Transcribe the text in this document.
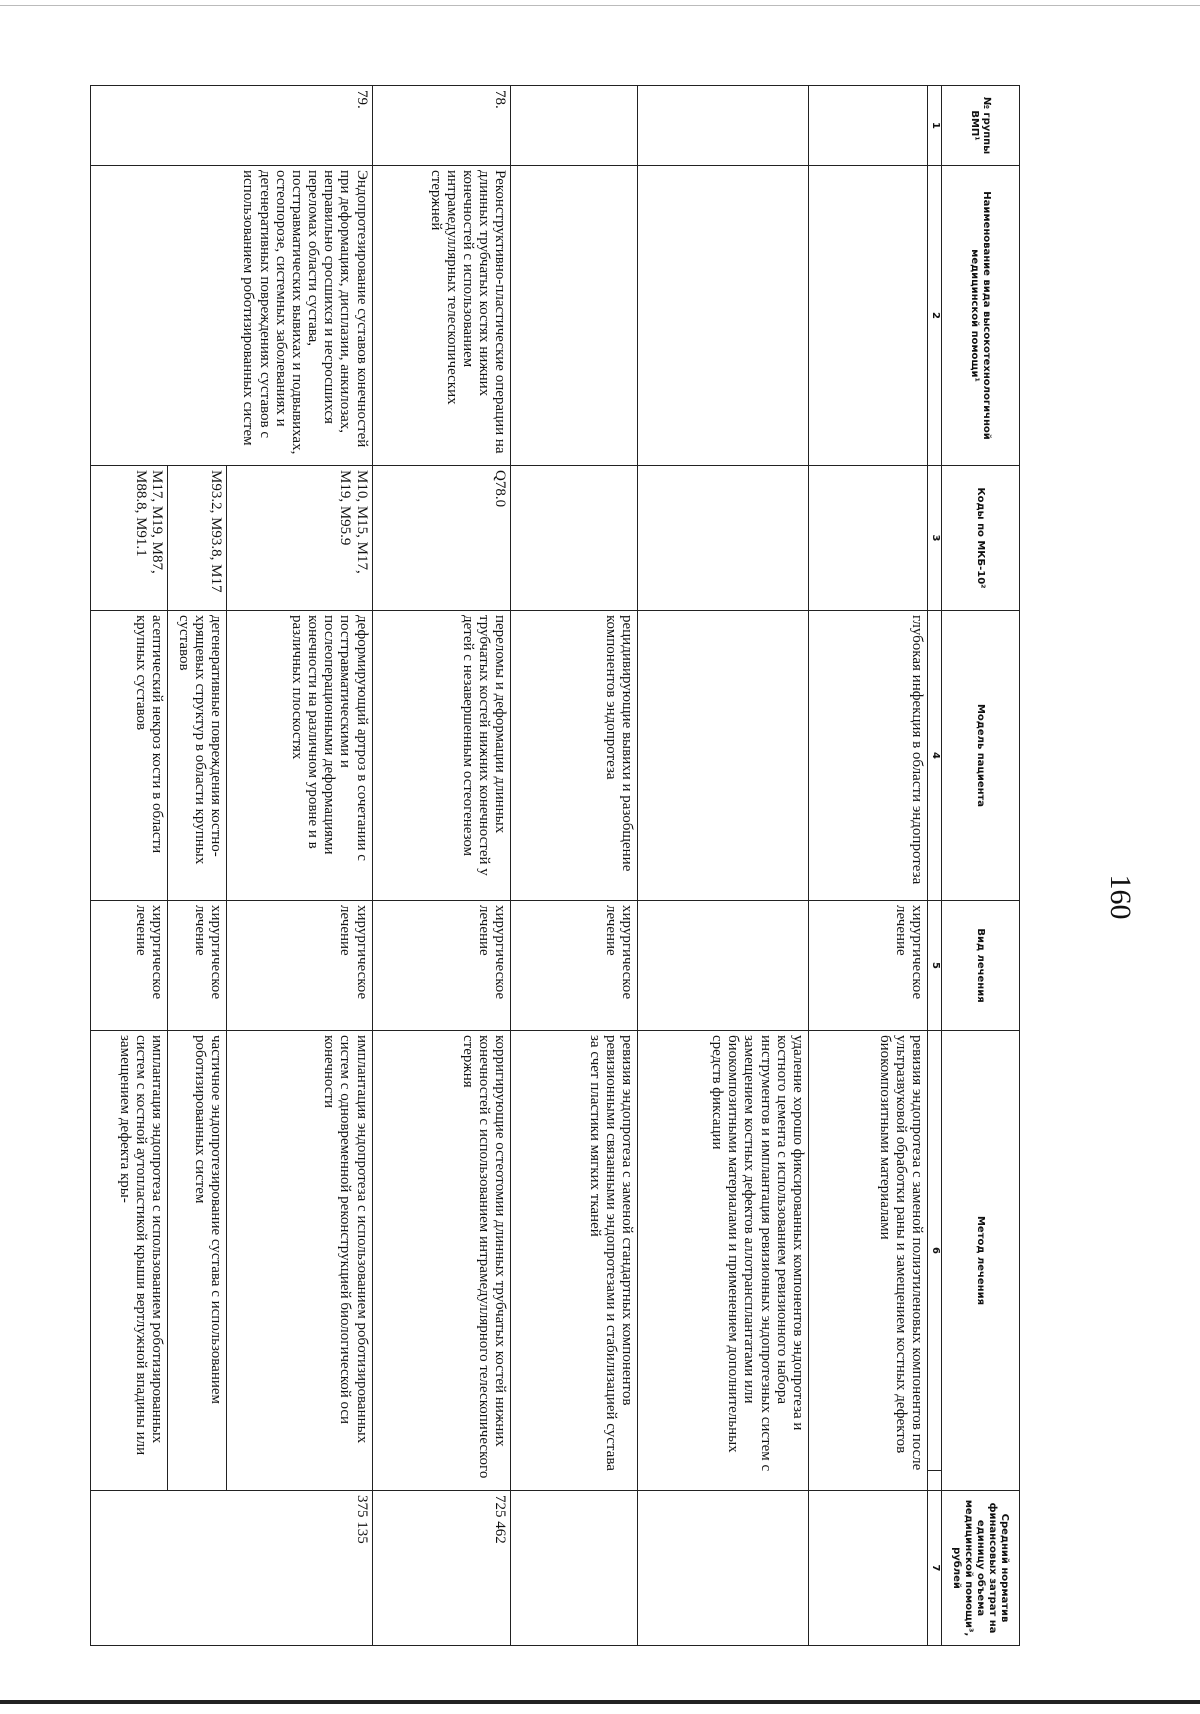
160
№ группы ВМП¹	Наименование вида высокотехнологичной медицинской помощи¹	Коды по МКБ-10²	Модель пациента	Вид лечения	Метод лечения		Средний норматив финансовых затрат на единицу объема медицинской помощи³, рублей
1	2	3	4	5	6		7
			глубокая инфекция в области эндопротеза	хирургическое лечение	ревизия эндопротеза с заменой полиэтиленовых компонентов после ультразвуковой обработки раны и замещением костных дефектов биокомпозитными материалами		
					удаление хорошо фиксированных компонентов эндопротеза и костного цемента с использованием ревизионного набора инструментов и имплантация ревизионных эндопротезных систем с замещением костных дефектов аллотрансплантатами или биокомпозитными материалами и применением дополнительных средств фиксации		
			рецидивирующие вывихи и разобщение компонентов эндопротеза	хирургическое лечение	ревизия эндопротеза с заменой стандартных компонентов ревизионными связанными эндопротезами и стабилизацией сустава за счет пластики мягких тканей		
78.	Реконструктивно-пластические операции на длинных трубчатых костях нижних конечностей с использованием интрамедуллярных телескопических стержней	Q78.0	переломы и деформации длинных трубчатых костей нижних конечностей у детей с незавершенным остеогенезом	хирургическое лечение	корригирующие остеотомии длинных трубчатых костей нижних конечностей с использованием интрамедуллярного телескопического стержня		725 462
79.	Эндопротезирование суставов конечностей при деформациях, дисплазии, анкилозах, неправильно сросшихся и несросшихся переломах области сустава, посттравматических вывихах и подвывихах, остеопорозе, системных заболеваниях и дегенеративных повреждениях суставов с использованием роботизированных систем	M10, M15, M17, M19, M95.9	деформирующий артроз в сочетании с посттравматическими и послеоперационными деформациями конечности на различном уровне и в различных плоскостях	хирургическое лечение	имплантация эндопротеза с использованием роботизированных систем с одновременной реконструкцией биологической оси конечности		375 135
		M93.2, M93.8, M17	дегенеративные повреждения костно-хрящевых структур в области крупных суставов	хирургическое лечение	частичное эндопротезирование сустава с использованием роботизированных систем		
		M17, M19, M87, M88.8, M91.1	асептический некроз кости в области крупных суставов	хирургическое лечение	имплантация эндопротеза с использованием роботизированных систем с костной аутопластикой крыши вертлужной впадины или замещением дефекта кры-		
